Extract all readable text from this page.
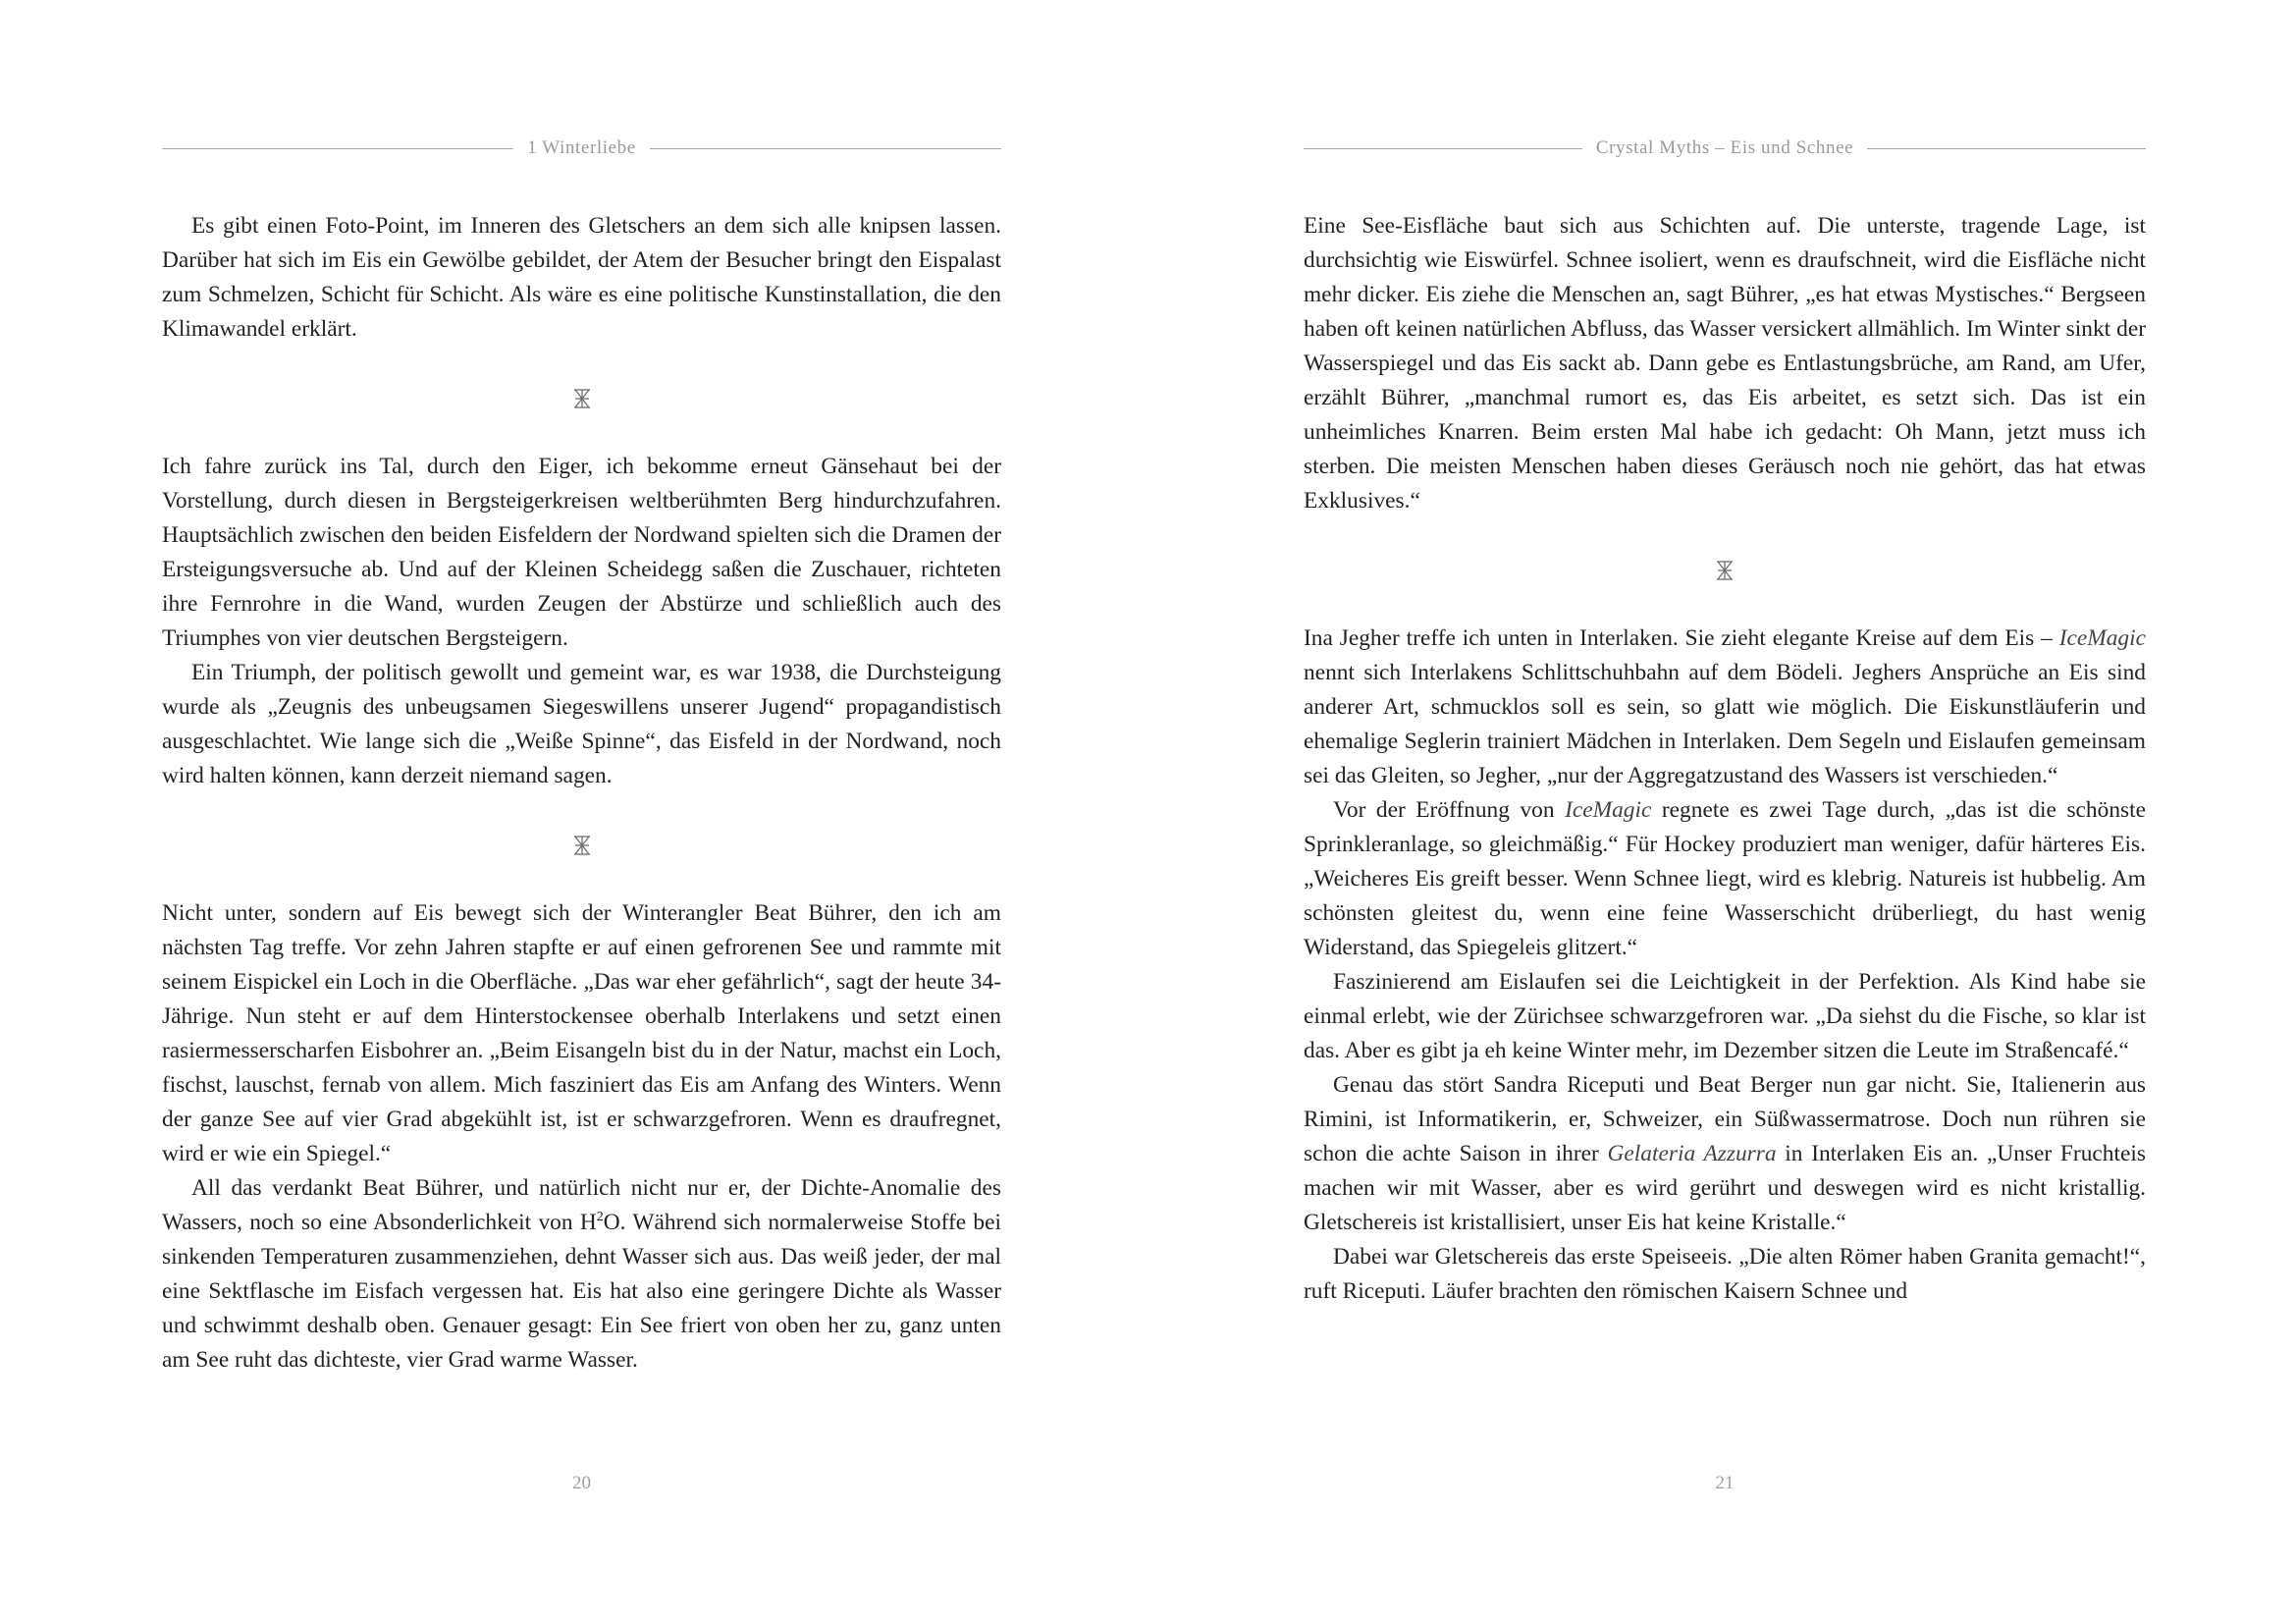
1 Winterliebe

Es gibt einen Foto-Point, im Inneren des Gletschers an dem sich alle knipsen lassen. Darüber hat sich im Eis ein Gewölbe gebildet, der Atem der Besucher bringt den Eispalast zum Schmelzen, Schicht für Schicht. Als wäre es eine politische Kunstinstallation, die den Klimawandel erklärt.

Ich fahre zurück ins Tal, durch den Eiger, ich bekomme erneut Gänsehaut bei der Vorstellung, durch diesen in Bergsteigerkreisen weltberühmten Berg hindurchzufahren. Hauptsächlich zwischen den beiden Eisfeldern der Nordwand spielten sich die Dramen der Ersteigungsversuche ab. Und auf der Kleinen Scheidegg saßen die Zuschauer, richteten ihre Fernrohre in die Wand, wurden Zeugen der Abstürze und schließlich auch des Triumphes von vier deutschen Bergsteigern.

Ein Triumph, der politisch gewollt und gemeint war, es war 1938, die Durchsteigung wurde als „Zeugnis des unbeugsamen Siegeswillens unserer Jugend“ propagandistisch ausgeschlachtet. Wie lange sich die „Weiße Spinne“, das Eisfeld in der Nordwand, noch wird halten können, kann derzeit niemand sagen.

Nicht unter, sondern auf Eis bewegt sich der Winterangler Beat Bührer, den ich am nächsten Tag treffe. Vor zehn Jahren stapfte er auf einen gefrorenen See und rammte mit seinem Eispickel ein Loch in die Oberfläche. „Das war eher gefährlich“, sagt der heute 34-Jährige. Nun steht er auf dem Hinterstockensee oberhalb Interlakens und setzt einen rasiermesserscharfen Eisbohrer an. „Beim Eisangeln bist du in der Natur, machst ein Loch, fischst, lauschst, fernab von allem. Mich fasziniert das Eis am Anfang des Winters. Wenn der ganze See auf vier Grad abgekühlt ist, ist er schwarzgefroren. Wenn es draufregnet, wird er wie ein Spiegel.“

All das verdankt Beat Bührer, und natürlich nicht nur er, der Dichte-Anomalie des Wassers, noch so eine Absonderlichkeit von $H^2O$. Während sich normalerweise Stoffe bei sinkenden Temperaturen zusammenziehen, dehnt Wasser sich aus. Das weiß jeder, der mal eine Sektflasche im Eisfach vergessen hat. Eis hat also eine geringere Dichte als Wasser und schwimmt deshalb oben. Genauer gesagt: Ein See friert von oben her zu, ganz unten am See ruht das dichteste, vier Grad warme Wasser.

20
Crystal Myths – Eis und Schnee

Eine See-Eisfläche baut sich aus Schichten auf. Die unterste, tragende Lage, ist durchsichtig wie Eiswürfel. Schnee isoliert, wenn es draufschneit, wird die Eisfläche nicht mehr dicker. Eis ziehe die Menschen an, sagt Bührer, „es hat etwas Mystisches.“ Bergseen haben oft keinen natürlichen Abfluss, das Wasser versickert allmählich. Im Winter sinkt der Wasserspiegel und das Eis sackt ab. Dann gebe es Entlastungsbrüche, am Rand, am Ufer, erzählt Bührer, „manchmal rumort es, das Eis arbeitet, es setzt sich. Das ist ein unheimliches Knarren. Beim ersten Mal habe ich gedacht: Oh Mann, jetzt muss ich sterben. Die meisten Menschen haben dieses Geräusch noch nie gehört, das hat etwas Exklusives.“

Ina Jegher treffe ich unten in Interlaken. Sie zieht elegante Kreise auf dem Eis – IceMagic nennt sich Interlakens Schlittschuhbahn auf dem Bödeli. Jeghers Ansprüche an Eis sind anderer Art, schmucklos soll es sein, so glatt wie möglich. Die Eiskunstläuferin und ehemalige Seglerin trainiert Mädchen in Interlaken. Dem Segeln und Eislaufen gemeinsam sei das Gleiten, so Jegher, „nur der Aggregatzustand des Wassers ist verschieden.“

Vor der Eröffnung von IceMagic regnete es zwei Tage durch, „das ist die schönste Sprinkleranlage, so gleichmäßig.“ Für Hockey produziert man weniger, dafür härteres Eis. „Weicheres Eis greift besser. Wenn Schnee liegt, wird es klebrig. Natureis ist hubbelig. Am schönsten gleitest du, wenn eine feine Wasserschicht drüberliegt, du hast wenig Widerstand, das Spiegeleis glitzert.“

Faszinierend am Eislaufen sei die Leichtigkeit in der Perfektion. Als Kind habe sie einmal erlebt, wie der Zürichsee schwarzgefroren war. „Da siehst du die Fische, so klar ist das. Aber es gibt ja eh keine Winter mehr, im Dezember sitzen die Leute im Straßencafé.“

Genau das stört Sandra Riceputi und Beat Berger nun gar nicht. Sie, Italienerin aus Rimini, ist Informatikerin, er, Schweizer, ein Süßwassermatrose. Doch nun rühren sie schon die achte Saison in ihrer Gelateria Azzurra in Interlaken Eis an. „Unser Fruchteis machen wir mit Wasser, aber es wird gerührt und deswegen wird es nicht kristallig. Gletschereis ist kristallisiert, unser Eis hat keine Kristalle.“

Dabei war Gletschereis das erste Speiseeis. „Die alten Römer haben Granita gemacht!“, ruft Riceputi. Läufer brachten den römischen Kaisern Schnee und

21
